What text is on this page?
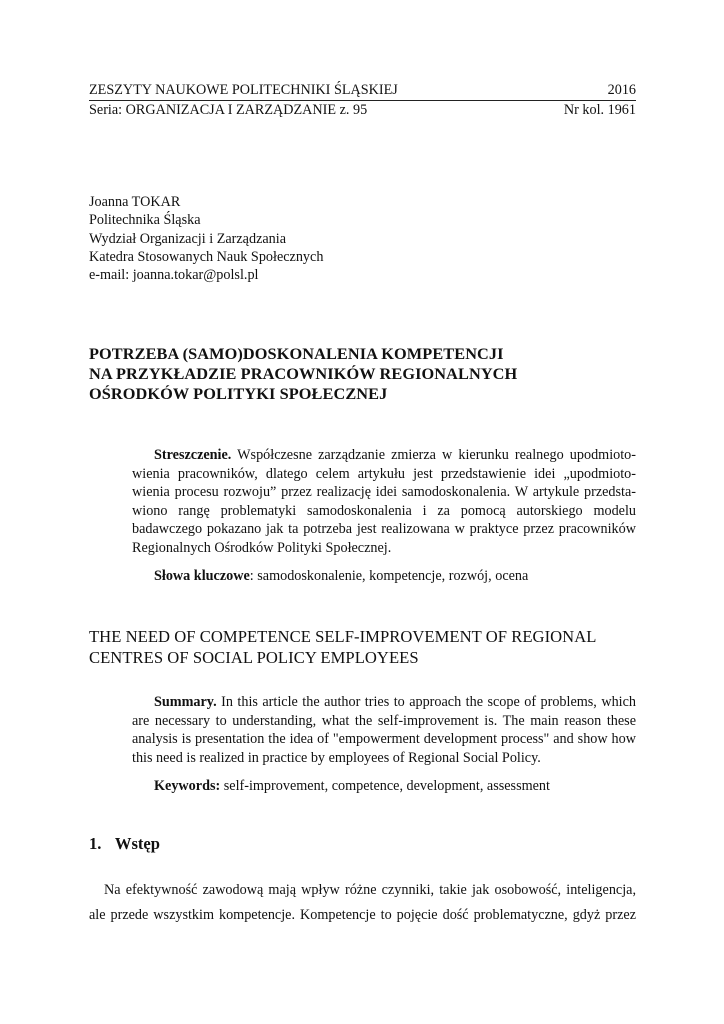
ZESZYTY NAUKOWE POLITECHNIKI ŚLĄSKIEJ	2016
Seria: ORGANIZACJA I ZARZĄDZANIE z. 95	Nr kol. 1961
Joanna TOKAR
Politechnika Śląska
Wydział Organizacji i Zarządzania
Katedra Stosowanych Nauk Społecznych
e-mail: joanna.tokar@polsl.pl
POTRZEBA (SAMO)DOSKONALENIA KOMPETENCJI
NA PRZYKŁADZIE PRACOWNIKÓW REGIONALNYCH
OŚRODKÓW POLITYKI SPOŁECZNEJ
Streszczenie. Współczesne zarządzanie zmierza w kierunku realnego upodmioto-
wienia pracowników, dlatego celem artykułu jest przedstawienie idei „upodmioto-
wienia procesu rozwoju” przez realizację idei samodoskonalenia. W artykule przedsta-
wiono rangę problematyki samodoskonalenia i za pomocą autorskiego modelu
badawczego pokazano jak ta potrzeba jest realizowana w praktyce przez pracowników
Regionalnych Ośrodków Polityki Społecznej.
Słowa kluczowe: samodoskonalenie, kompetencje, rozwój, ocena
THE NEED OF COMPETENCE SELF-IMPROVEMENT OF REGIONAL
CENTRES OF SOCIAL POLICY EMPLOYEES
Summary. In this article the author tries to approach the scope of problems, which
are necessary to understanding, what the self-improvement is. The main reason these
analysis is presentation the idea of "empowerment development process" and show how
this need is realized in practice by employees of Regional Social Policy.
Keywords: self-improvement, competence, development, assessment
1. Wstęp
Na efektywność zawodową mają wpływ różne czynniki, takie jak osobowość, inteligencja,
ale przede wszystkim kompetencje. Kompetencje to pojęcie dość problematyczne, gdyż przez
